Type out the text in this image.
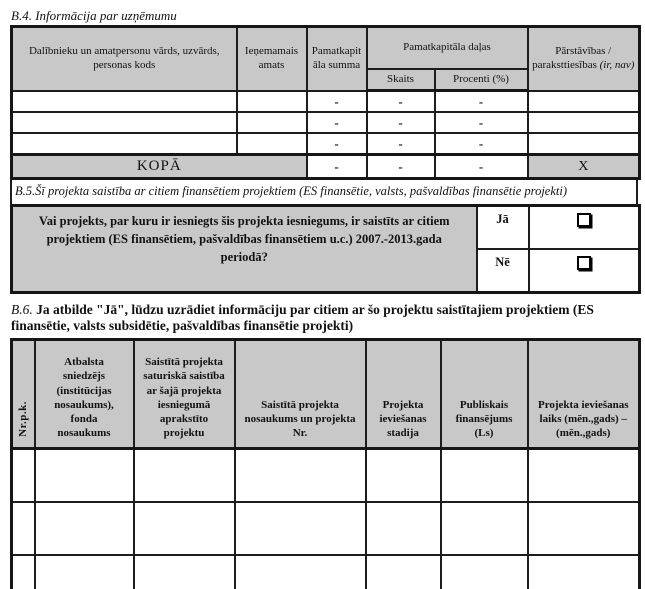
B.4. Informācija par uzņēmumu

Dalībnieku un amatpersonu vārds, uzvārds, personas kods	Ieņemamais amats	Pamatkapitāla summa	Pamatkapitāla daļas		Pārstāvības / paraksttiesības (ir, nav)
			Skaits	Procenti (%)	
		-	-	-	
		-	-	-	
		-	-	-	
KOPĀ		-	-	-	X
B.5.Šī projekta saistība ar citiem finansētiem projektiem (ES finansētie, valsts, pašvaldības finansētie projekti)
Vai projekts, par kuru ir iesniegts šis projekta iesniegums, ir saistīts ar citiem projektiem (ES finansētiem, pašvaldības finansētiem u.c.) 2007.-2013.gada periodā?	Jā	
	Nē	

B.6. Ja atbilde "Jā", lūdzu uzrādiet informāciju par citiem ar šo projektu saistītajiem projektiem (ES finansētie, valsts subsidētie, pašvaldības finansētie projekti)

Nr.p.k.	Atbalsta sniedzējs (institūcijas nosaukums), fonda nosaukums	Saistītā projekta saturiskā saistība ar šajā projekta iesniegumā aprakstīto projektu	Saistītā projekta nosaukums un projekta Nr.	Projekta ieviešanas stadija	Publiskais finansējums (Ls)	Projekta ieviešanas laiks (mēn.,gads) – (mēn.,gads)
